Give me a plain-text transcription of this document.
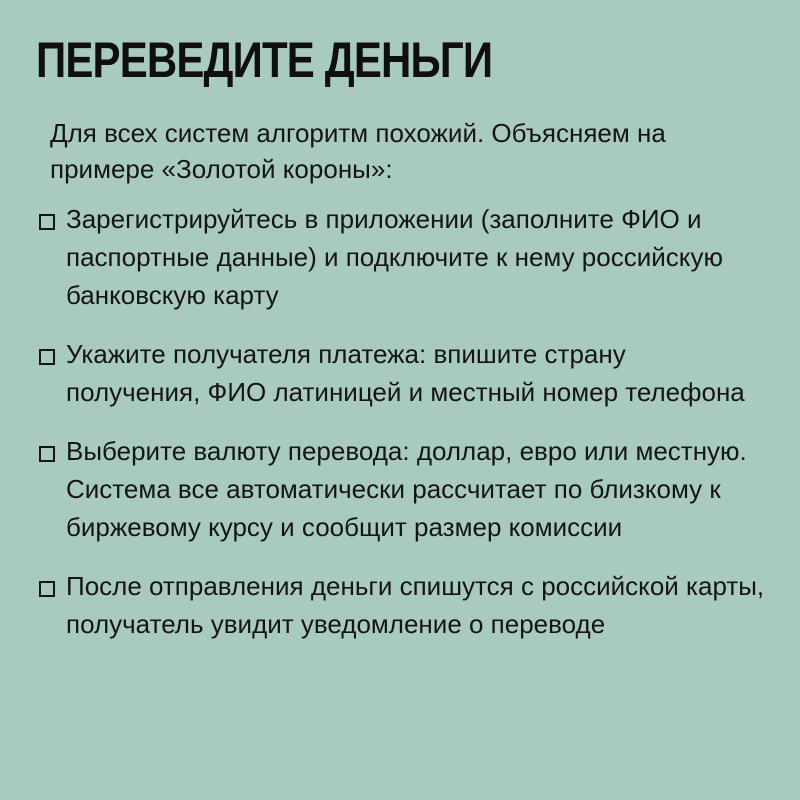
ПЕРЕВЕДИТЕ ДЕНЬГИ

Для всех систем алгоритм похожий. Объясняем на примере «Золотой короны»:

Зарегистрируйтесь в приложении (заполните ФИО и паспортные данные) и подключите к нему российскую банковскую карту
Укажите получателя платежа: впишите страну получения, ФИО латиницей и местный номер телефона
Выберите валюту перевода: доллар, евро или местную. Система все автоматически рассчитает по близкому к биржевому курсу и сообщит размер комиссии
После отправления деньги спишутся с российской карты, получатель увидит уведомление о переводе
